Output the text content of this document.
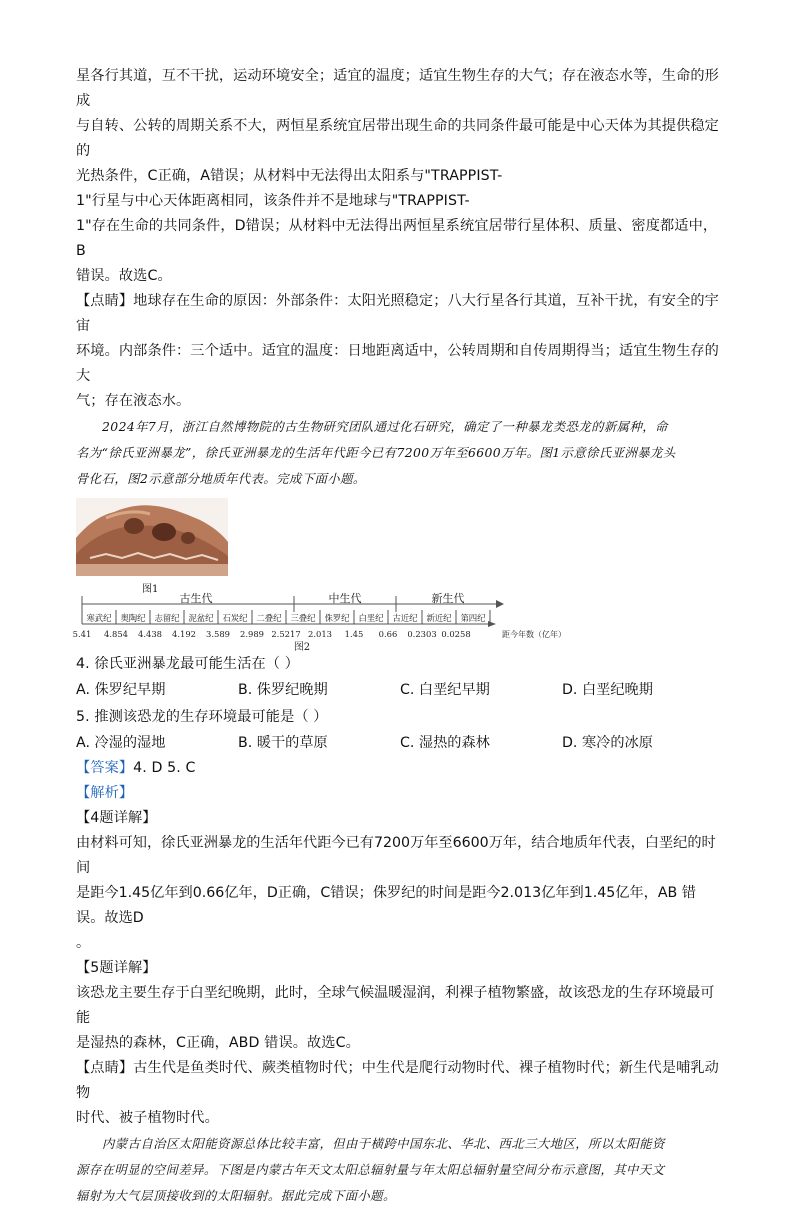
星各行其道，互不干扰，运动环境安全；适宜的温度；适宜生物生存的大气；存在液态水等，生命的形成

与自转、公转的周期关系不大，两恒星系统宜居带出现生命的共同条件最可能是中心天体为其提供稳定的

光热条件，C正确，A错误；从材料中无法得出太阳系与"TRAPPIST-

1"行星与中心天体距离相同，该条件并不是地球与"TRAPPIST-

1"存在生命的共同条件，D错误；从材料中无法得出两恒星系统宜居带行星体积、质量、密度都适中，B

错误。故选C。

【点睛】地球存在生命的原因：外部条件：太阳光照稳定；八大行星各行其道，互补干扰，有安全的宇宙

环境。内部条件：三个适中。适宜的温度：日地距离适中，公转周期和自传周期得当；适宜生物生存的大

气；存在液态水。

2024年7月，浙江自然博物院的古生物研究团队通过化石研究，确定了一种暴龙类恐龙的新属种，命

名为“徐氏亚洲暴龙”，徐氏亚洲暴龙的生活年代距今已有7200万年至6600万年。图1示意徐氏亚洲暴龙头

骨化石，图2示意部分地质年代表。完成下面小题。

图1
古生代	中生代	新生代
寒武纪 奥陶纪 志留纪 泥盆纪 石炭纪 二叠纪 三叠纪 侏罗纪 白垩纪 古近纪 新近纪 第四纪
5.41 4.854 4.438 4.192 3.589 2.989 2.5217 2.013 1.45 0.66 0.2303 0.0258	距今年数（亿年）
图2

4. 徐氏亚洲暴龙最可能生活在（ ）

A. 侏罗纪早期	B. 侏罗纪晚期	C. 白垩纪早期	D. 白垩纪晚期

5. 推测该恐龙的生存环境最可能是（ ）

A. 冷湿的湿地	B. 暖干的草原	C. 湿热的森林	D. 寒冷的冰原

【答案】4. D 5. C

【解析】

【4题详解】

由材料可知，徐氏亚洲暴龙的生活年代距今已有7200万年至6600万年，结合地质年代表，白垩纪的时间

是距今1.45亿年到0.66亿年，D正确，C错误；侏罗纪的时间是距今2.013亿年到1.45亿年，AB 错误。故选D

。

【5题详解】

该恐龙主要生存于白垩纪晚期，此时，全球气候温暖湿润，利裸子植物繁盛，故该恐龙的生存环境最可能

是湿热的森林，C正确，ABD 错误。故选C。

【点睛】古生代是鱼类时代、蕨类植物时代；中生代是爬行动物时代、裸子植物时代；新生代是哺乳动物

时代、被子植物时代。

内蒙古自治区太阳能资源总体比较丰富，但由于横跨中国东北、华北、西北三大地区，所以太阳能资

源存在明显的空间差异。下图是内蒙古年天文太阳总辐射量与年太阳总辐射量空间分布示意图，其中天文

辐射为大气层顶接收到的太阳辐射。据此完成下面小题。
